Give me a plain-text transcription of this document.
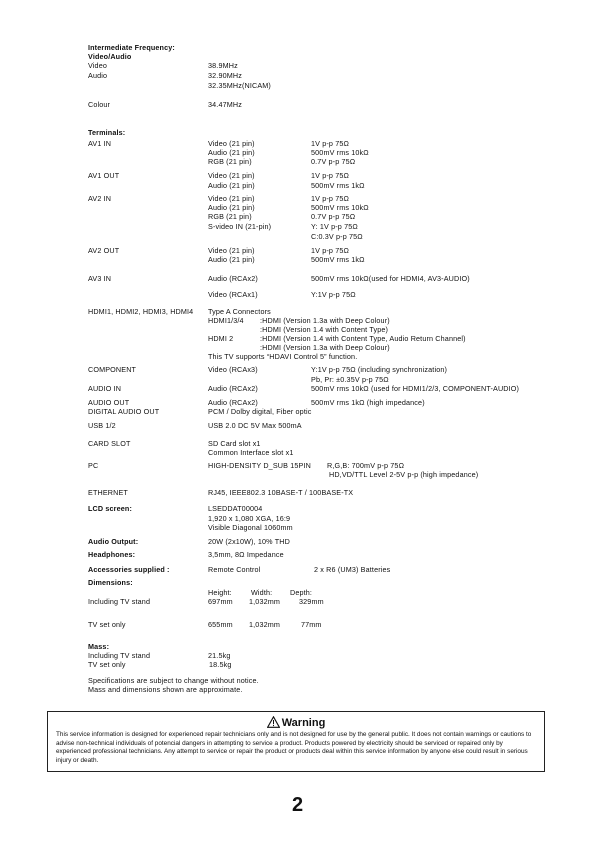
Intermediate Frequency:
Video/Audio
Video	38.9MHz
Audio	32.90MHz
32.35MHz(NICAM)
Colour	34.47MHz
Terminals:
AV1 IN	Video (21 pin)	1V p-p 75Ω
Audio (21 pin)	500mV rms 10kΩ
RGB (21 pin)	0.7V p-p 75Ω
AV1 OUT	Video (21 pin)	1V p-p 75Ω
Audio (21 pin)	500mV rms 1kΩ
AV2 IN	Video (21 pin)	1V p-p 75Ω
Audio (21 pin)	500mV rms 10kΩ
RGB (21 pin)	0.7V p-p 75Ω
S-video IN (21-pin)	Y: 1V p-p 75Ω
C:0.3V p-p 75Ω
AV2 OUT	Video (21 pin)	1V p-p 75Ω
Audio (21 pin)	500mV rms 1kΩ
AV3 IN	Audio (RCAx2)	500mV rms 10kΩ(used for HDMI4, AV3-AUDIO)
Video (RCAx1)	Y:1V p-p 75Ω
HDMI1, HDMI2, HDMI3, HDMI4 Type A Connectors
HDMI1/3/4 :HDMI (Version 1.3a with Deep Colour)
:HDMI (Version 1.4 with Content Type)
HDMI 2	:HDMI (Version 1.4 with Content Type, Audio Return Channel)
:HDMI (Version 1.3a with Deep Colour)
This TV supports “HDAVI Control 5” function.
COMPONENT	Video (RCAx3)	Y:1V p-p 75Ω (including synchronization)
Pb, Pr: ±0.35V p-p 75Ω
AUDIO IN	Audio (RCAx2)	500mV rms 10kΩ (used for HDMI1/2/3, COMPONENT-AUDIO)
AUDIO OUT	Audio (RCAx2)	500mV rms 1kΩ (high impedance)
DIGITAL AUDIO OUT	PCM / Dolby digital, Fiber optic
USB 1/2	USB 2.0 DC 5V Max 500mA
CARD SLOT	SD Card slot x1
Common Interface slot x1
PC	HIGH-DENSITY D_SUB 15PIN R,G,B: 700mV p-p 75Ω
HD,VD/TTL Level 2-5V p-p (high impedance)
ETHERNET	RJ45, IEEE802.3 10BASE-T / 100BASE-TX
LCD screen:	LSEDDAT00004
1,920 x 1,080 XGA, 16:9
Visible Diagonal 1060mm
Audio Output:	20W (2x10W), 10% THD
Headphones:	3,5mm, 8Ω Impedance
Accessories supplied :	Remote Control	2 x R6 (UM3) Batteries
Dimensions:
Height:	Width: Depth:
Including TV stand	697mm 1,032mm	329mm
TV set only	655mm 1,032mm	77mm
Mass:
Including TV stand	21.5kg
TV set only	18.5kg
Specifications are subject to change without notice.
Mass and dimensions shown are approximate.
Warning
This service information is designed for experienced repair technicians only and is not designed for use by the general public. It does not contain warnings or cautions to advise non-technical individuals of potencial dangers in attempting to service a product. Products powered by electricity should be serviced or repaired only by experienced professional technicians. Any attempt to service or repair the product or products deal within this service information by anyone else could result in serious injury or death.
2
